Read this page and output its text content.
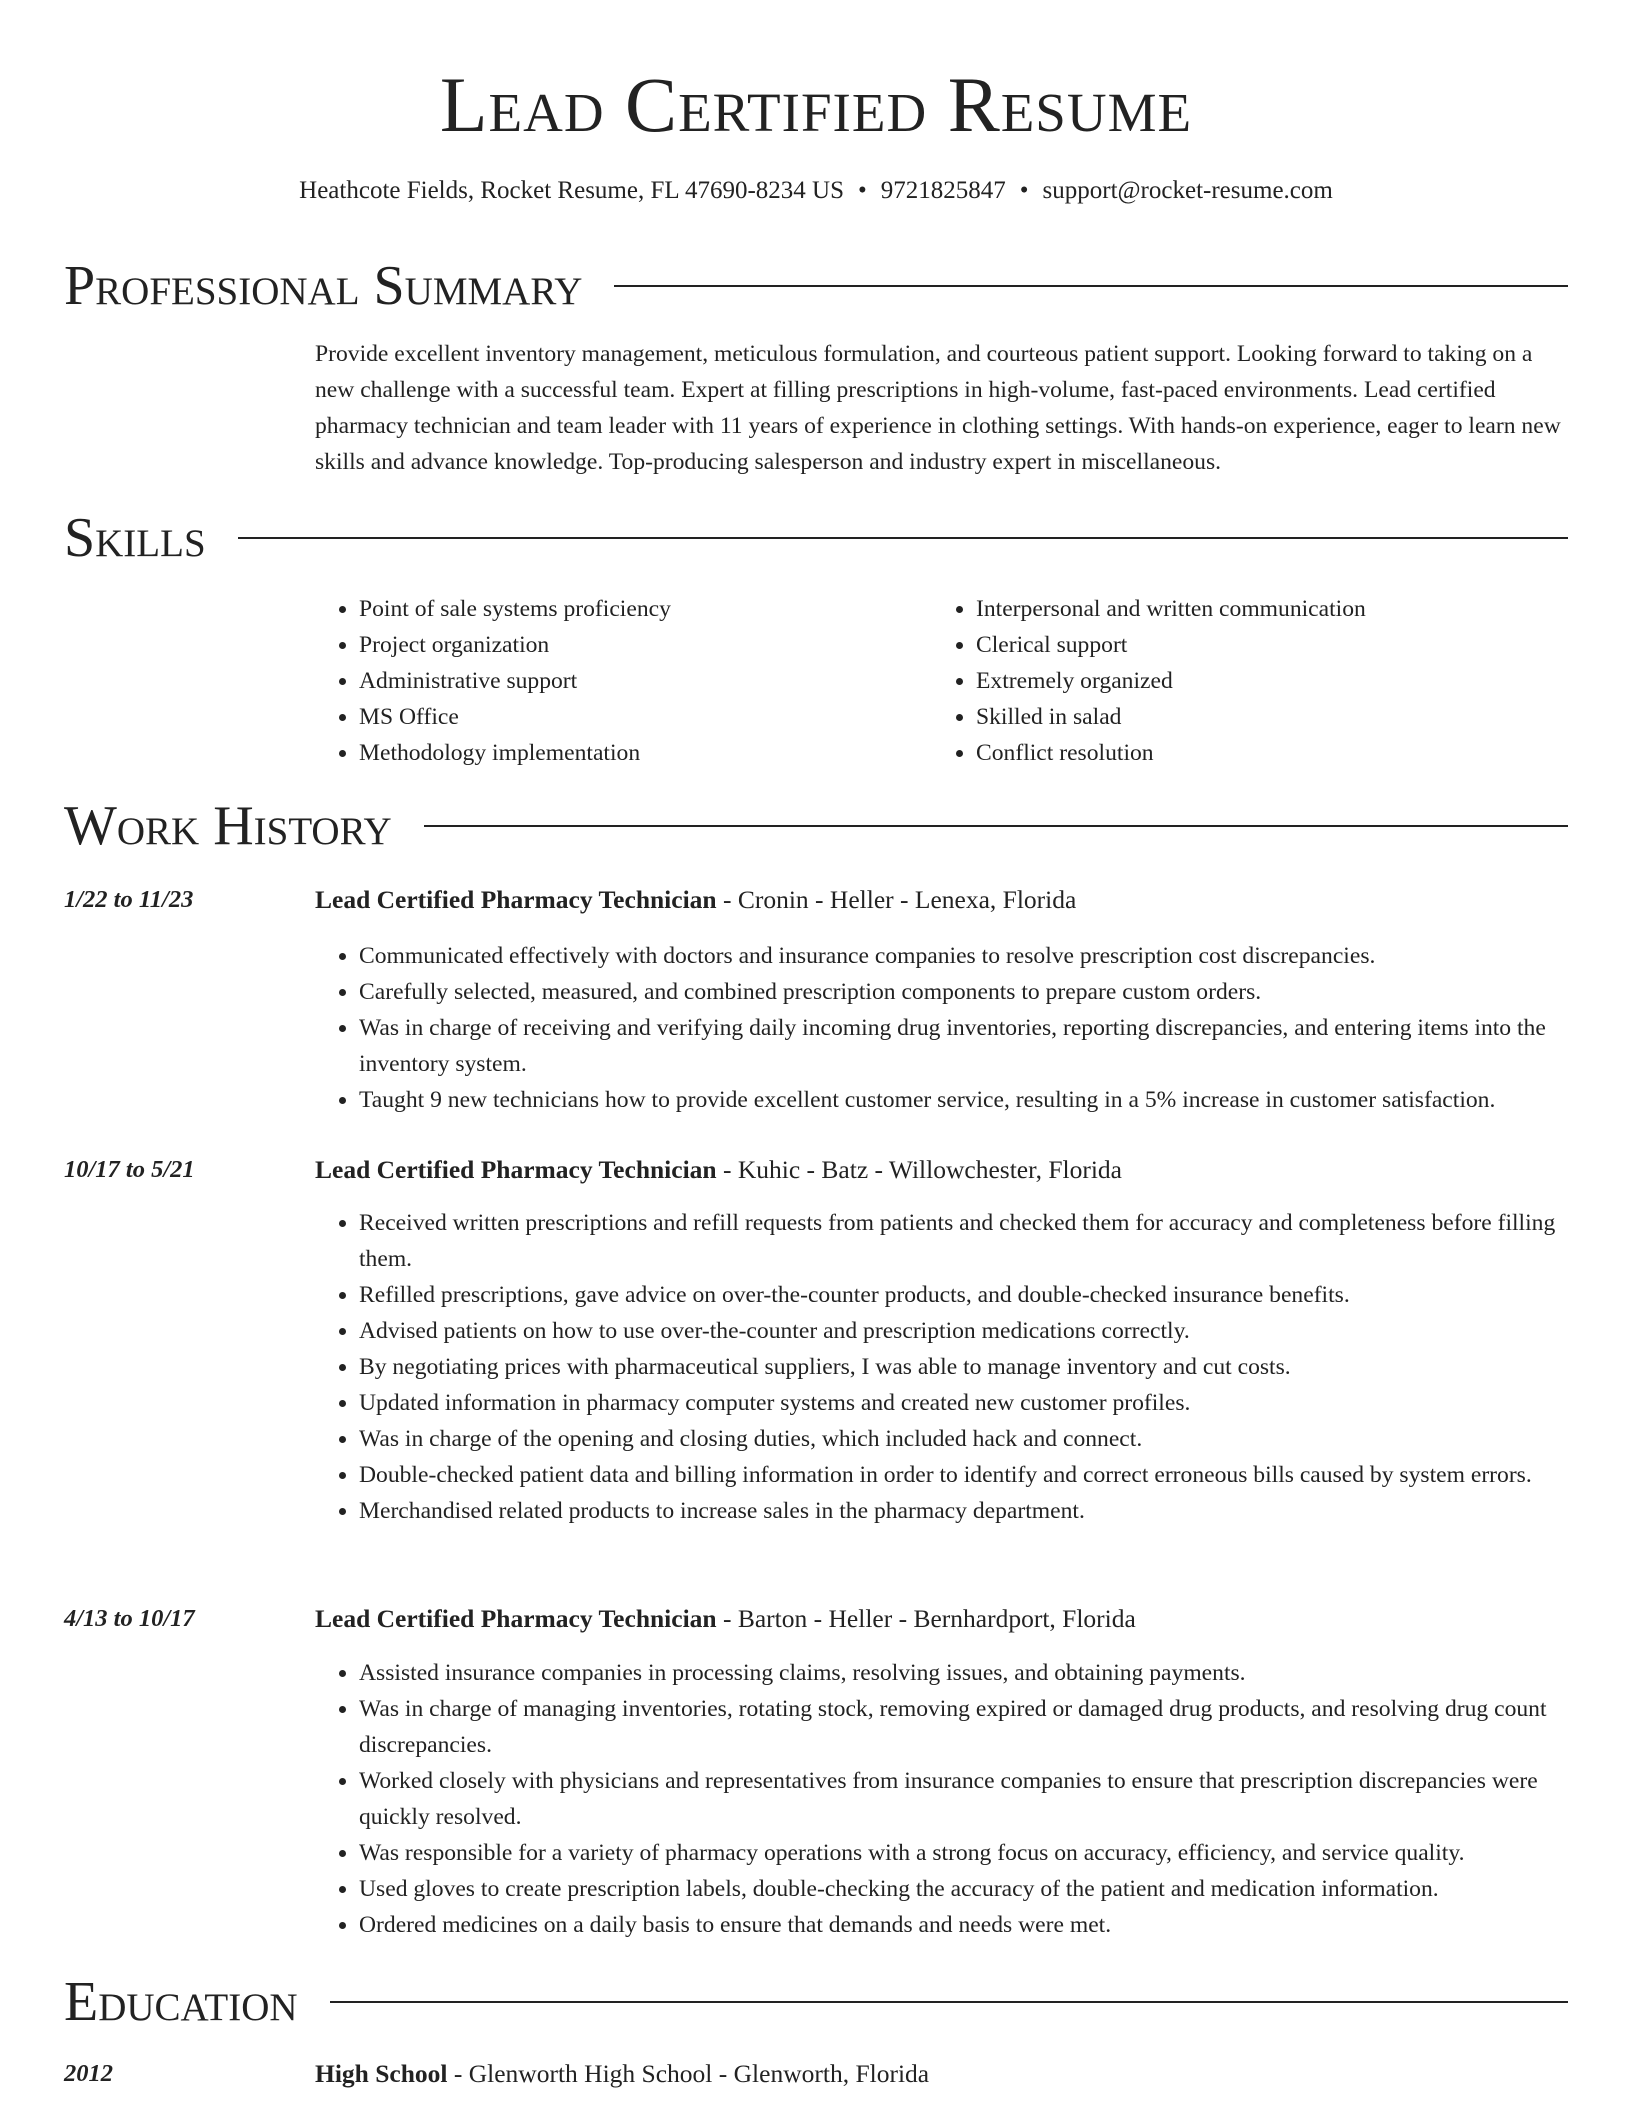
Lead Certified Resume
Heathcote Fields, Rocket Resume, FL 47690-8234 US • 9721825847 • support@rocket-resume.com
Professional Summary
Provide excellent inventory management, meticulous formulation, and courteous patient support. Looking forward to taking on a new challenge with a successful team. Expert at filling prescriptions in high-volume, fast-paced environments. Lead certified pharmacy technician and team leader with 11 years of experience in clothing settings. With hands-on experience, eager to learn new skills and advance knowledge. Top-producing salesperson and industry expert in miscellaneous.
Skills
• Point of sale systems proficiency
• Project organization
• Administrative support
• MS Office
• Methodology implementation
• Interpersonal and written communication
• Clerical support
• Extremely organized
• Skilled in salad
• Conflict resolution
Work History
1/22 to 11/23	Lead Certified Pharmacy Technician - Cronin - Heller - Lenexa, Florida
• Communicated effectively with doctors and insurance companies to resolve prescription cost discrepancies.
• Carefully selected, measured, and combined prescription components to prepare custom orders.
• Was in charge of receiving and verifying daily incoming drug inventories, reporting discrepancies, and entering items into the inventory system.
• Taught 9 new technicians how to provide excellent customer service, resulting in a 5% increase in customer satisfaction.
10/17 to 5/21	Lead Certified Pharmacy Technician - Kuhic - Batz - Willowchester, Florida
• Received written prescriptions and refill requests from patients and checked them for accuracy and completeness before filling them.
• Refilled prescriptions, gave advice on over-the-counter products, and double-checked insurance benefits.
• Advised patients on how to use over-the-counter and prescription medications correctly.
• By negotiating prices with pharmaceutical suppliers, I was able to manage inventory and cut costs.
• Updated information in pharmacy computer systems and created new customer profiles.
• Was in charge of the opening and closing duties, which included hack and connect.
• Double-checked patient data and billing information in order to identify and correct erroneous bills caused by system errors.
• Merchandised related products to increase sales in the pharmacy department.
4/13 to 10/17	Lead Certified Pharmacy Technician - Barton - Heller - Bernhardport, Florida
• Assisted insurance companies in processing claims, resolving issues, and obtaining payments.
• Was in charge of managing inventories, rotating stock, removing expired or damaged drug products, and resolving drug count discrepancies.
• Worked closely with physicians and representatives from insurance companies to ensure that prescription discrepancies were quickly resolved.
• Was responsible for a variety of pharmacy operations with a strong focus on accuracy, efficiency, and service quality.
• Used gloves to create prescription labels, double-checking the accuracy of the patient and medication information.
• Ordered medicines on a daily basis to ensure that demands and needs were met.
Education
2012	High School - Glenworth High School - Glenworth, Florida
